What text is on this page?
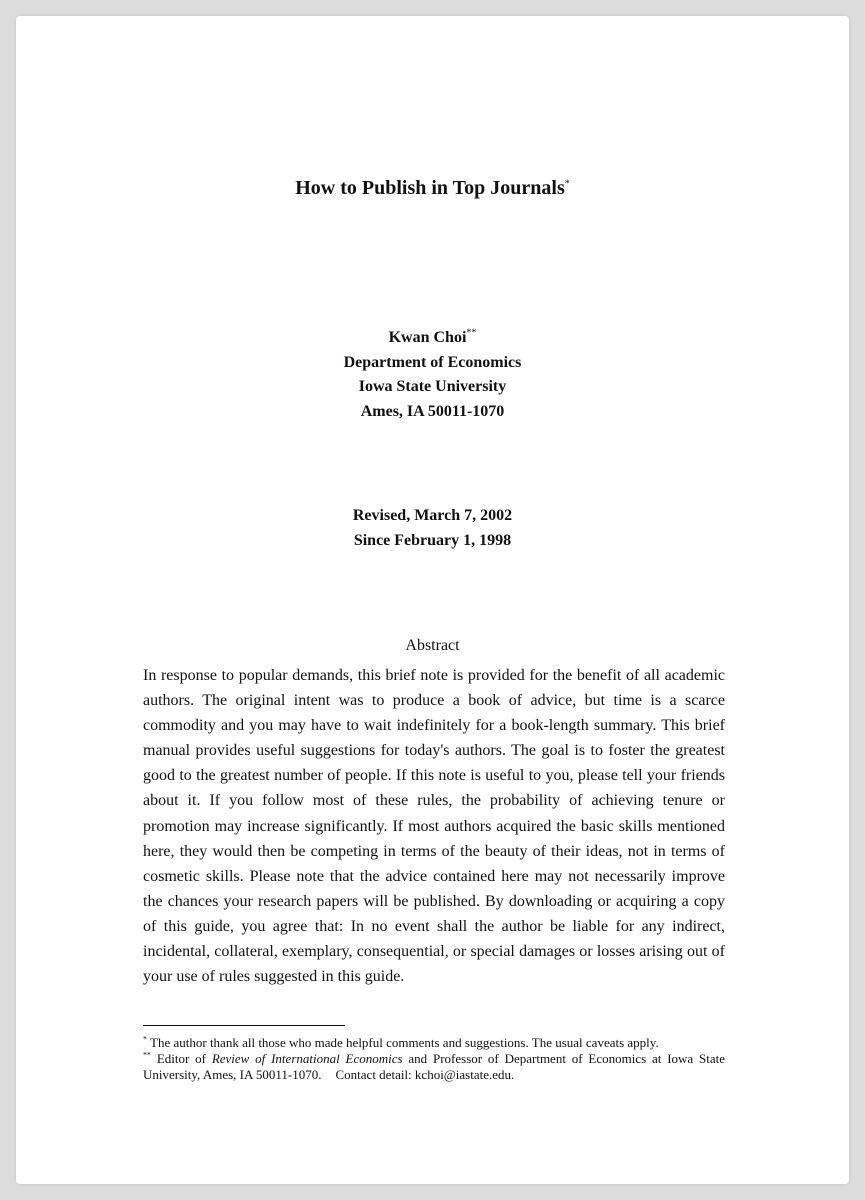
How to Publish in Top Journals*
Kwan Choi**
Department of Economics
Iowa State University
Ames, IA 50011-1070
Revised, March 7, 2002
Since February 1, 1998
Abstract

In response to popular demands, this brief note is provided for the benefit of all academic authors. The original intent was to produce a book of advice, but time is a scarce commodity and you may have to wait indefinitely for a book-length summary. This brief manual provides useful suggestions for today's authors. The goal is to foster the greatest good to the greatest number of people. If this note is useful to you, please tell your friends about it. If you follow most of these rules, the probability of achieving tenure or promotion may increase significantly. If most authors acquired the basic skills mentioned here, they would then be competing in terms of the beauty of their ideas, not in terms of cosmetic skills. Please note that the advice contained here may not necessarily improve the chances your research papers will be published. By downloading or acquiring a copy of this guide, you agree that: In no event shall the author be liable for any indirect, incidental, collateral, exemplary, consequential, or special damages or losses arising out of your use of rules suggested in this guide.

* The author thank all those who made helpful comments and suggestions. The usual caveats apply.

** Editor of Review of International Economics and Professor of Department of Economics at Iowa State University, Ames, IA 50011-1070. Contact detail: kchoi@iastate.edu.
